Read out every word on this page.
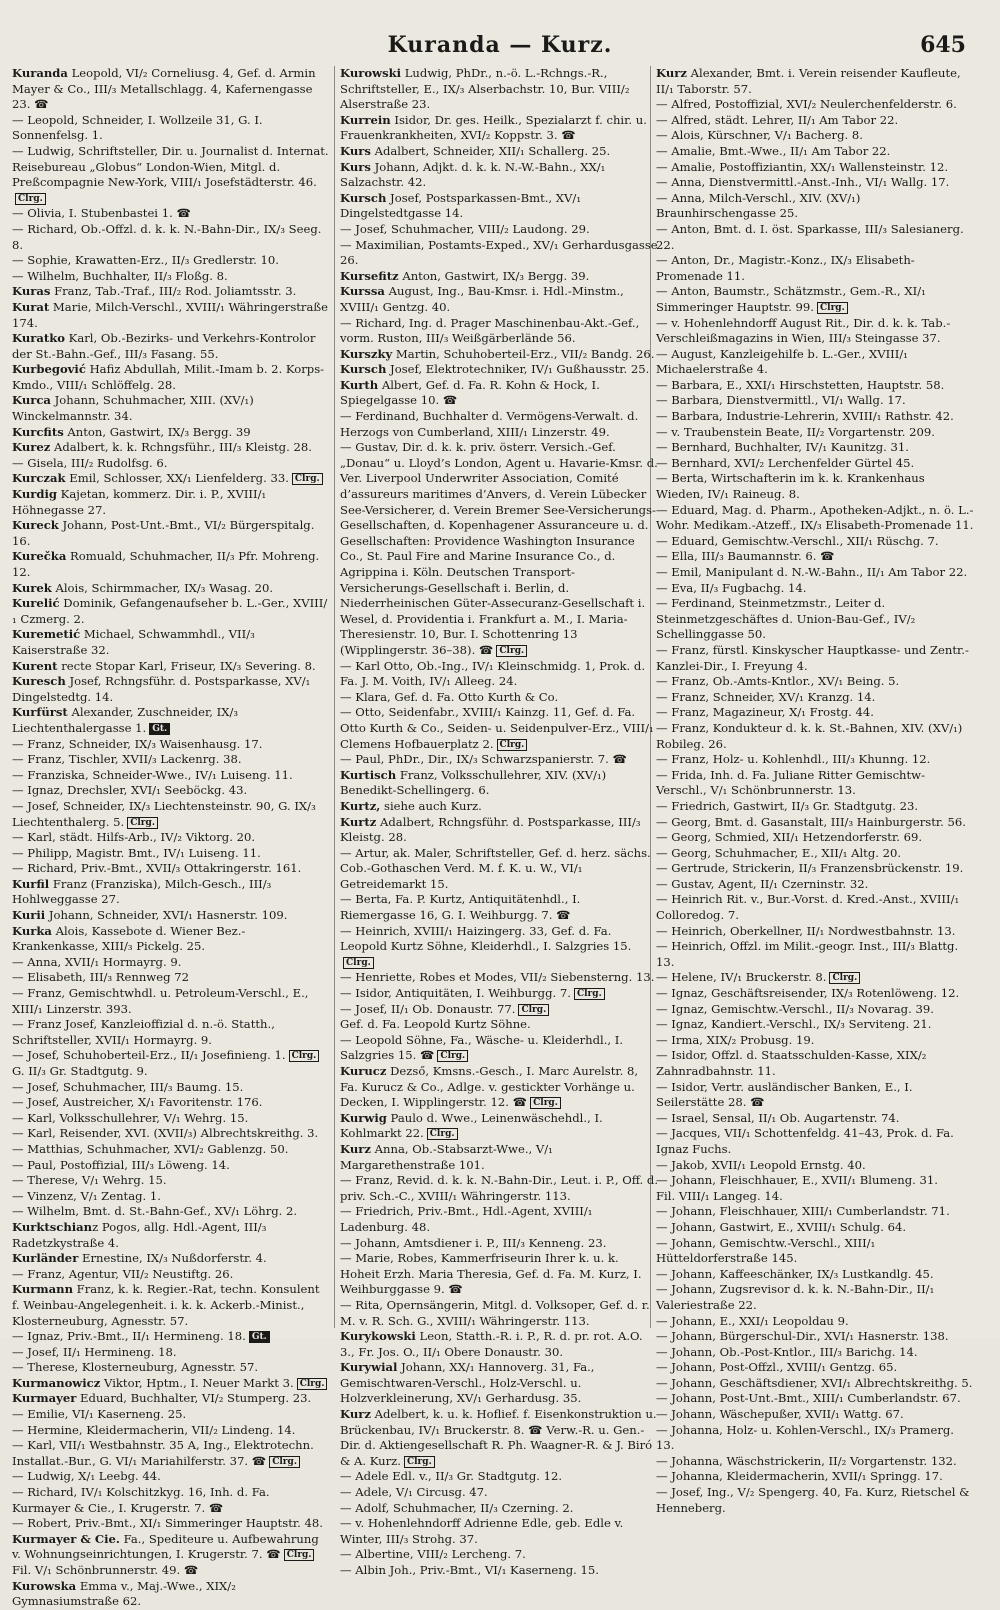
Kuranda — Kurz.	645
Kuranda Leopold, VI/₂ Corneliusg. 4, Gef. d. Armin Mayer & Co., III/₃ Metallschlagg. 4, Kafernengasse 23. ☎
— Leopold, Schneider, I. Wollzeile 31, G. I. Sonnenfelsg. 1.
— Ludwig, Schriftsteller, Dir. u. Journalist d. Internat. Reisebureau „Globus“ London-Wien, Mitgl. d. Preßcompagnie New-York, VIII/₁ Josefstädterstr. 46.Clrg.
— Olivia, I. Stubenbastei 1. ☎
— Richard, Ob.-Offzl. d. k. k. N.-Bahn-Dir., IX/₃ Seeg. 8.
— Sophie, Krawatten-Erz., II/₃ Gredlerstr. 10.
— Wilhelm, Buchhalter, II/₃ Floßg. 8.
Kuras Franz, Tab.-Traf., III/₂ Rod. Joliamtsstr. 3.
Kurat Marie, Milch-Verschl., XVIII/₁ Währingerstraße 174.
Kuratko Karl, Ob.-Bezirks- und Verkehrs-Kontrolor der St.-Bahn.-Gef., III/₃ Fasang. 55.
Kurbegović Hafiz Abdullah, Milit.-Imam b. 2. Korps-Kmdo., VIII/₁ Schlöffelg. 28.
Kurca Johann, Schuhmacher, XIII. (XV/₁) Winckelmannstr. 34.
Kurcfits Anton, Gastwirt, IX/₃ Bergg. 39
Kurez Adalbert, k. k. Rchngsführ., III/₃ Kleistg. 28.
— Gisela, III/₂ Rudolfsg. 6.
Kurczak Emil, Schlosser, XX/₁ Lienfelderg. 33. Clrg.
Kurdig Kajetan, kommerz. Dir. i. P., XVIII/₁ Höhnegasse 27.
Kureck Johann, Post-Unt.-Bmt., VI/₂ Bürgerspitalg. 16.
Kurečka Romuald, Schuhmacher, II/₃ Pfr. Mohreng. 12.
Kurek Alois, Schirmmacher, IX/₃ Wasag. 20.
Kurelić Dominik, Gefangenaufseher b. L.-Ger., XVIII/₁ Czmerg. 2.
Kuremetić Michael, Schwammhdl., VII/₃ Kaiserstraße 32.
Kurent recte Stopar Karl, Friseur, IX/₃ Severing. 8.
Kuresch Josef, Rchngsführ. d. Postsparkasse, XV/₁ Dingelstedtg. 14.
Kurfürst Alexander, Zuschneider, IX/₃ Liechtenthalergasse 1. Gt.
— Franz, Schneider, IX/₃ Waisenhausg. 17.
— Franz, Tischler, XVII/₃ Lackenrg. 38.
— Franziska, Schneider-Wwe., IV/₁ Luiseng. 11.
— Ignaz, Drechsler, XVI/₁ Seeböckg. 43.
— Josef, Schneider, IX/₃ Liechtensteinstr. 90, G. IX/₃ Liechtenthalerg. 5. Clrg.
— Karl, städt. Hilfs-Arb., IV/₂ Viktorg. 20.
— Philipp, Magistr. Bmt., IV/₁ Luiseng. 11.
— Richard, Priv.-Bmt., XVII/₃ Ottakringerstr. 161.
Kurfil Franz (Franziska), Milch-Gesch., III/₃ Hohlweggasse 27.
Kurii Johann, Schneider, XVI/₁ Hasnerstr. 109.
Kurka Alois, Kassebote d. Wiener Bez.-Krankenkasse, XIII/₃ Pickelg. 25.
— Anna, XVII/₁ Hormayrg. 9.
— Elisabeth, III/₃ Rennweg 72
— Franz, Gemischtwhdl. u. Petroleum-Verschl., E., XIII/₁ Linzerstr. 393.
— Franz Josef, Kanzleioffizial d. n.-ö. Statth., Schriftsteller, XVII/₁ Hormayrg. 9.
— Josef, Schuhoberteil-Erz., II/₁ Josefinieng. 1. Clrg.
G. II/₃ Gr. Stadtgutg. 9.
— Josef, Schuhmacher, III/₃ Baumg. 15.
— Josef, Austreicher, X/₁ Favoritenstr. 176.
— Karl, Volksschullehrer, V/₁ Wehrg. 15.
— Karl, Reisender, XVI. (XVII/₃) Albrechtskreithg. 3.
— Matthias, Schuhmacher, XVI/₂ Gablenzg. 50.
— Paul, Postoffizial, III/₃ Löweng. 14.
— Therese, V/₁ Wehrg. 15.
— Vinzenz, V/₁ Zentag. 1.
— Wilhelm, Bmt. d. St.-Bahn-Gef., XV/₁ Löhrg. 2.
Kurktschianz Pogos, allg. Hdl.-Agent, III/₃ Radetzkystraße 4.
Kurländer Ernestine, IX/₃ Nußdorferstr. 4.
— Franz, Agentur, VII/₂ Neustiftg. 26.
Kurmann Franz, k. k. Regier.-Rat, techn. Konsulent f. Weinbau-Angelegenheit. i. k. k. Ackerb.-Minist., Klosterneuburg, Agnesstr. 57.
— Ignaz, Priv.-Bmt., II/₁ Hermineng. 18. Gt.
— Josef, II/₁ Hermineng. 18.
— Therese, Klosterneuburg, Agnesstr. 57.
Kurmanowicz Viktor, Hptm., I. Neuer Markt 3. Clrg.
Kurmayer Eduard, Buchhalter, VI/₂ Stumperg. 23.
— Emilie, VI/₁ Kaserneng. 25.
— Hermine, Kleidermacherin, VII/₂ Lindeng. 14.
— Karl, VII/₁ Westbahnstr. 35 A, Ing., Elektrotechn. Installat.-Bur., G. VI/₁ Mariahilferstr. 37. ☎ Clrg.
— Ludwig, X/₁ Leebg. 44.
— Richard, IV/₁ Kolschitzkyg. 16, Inh. d. Fa. Kurmayer & Cie., I. Krugerstr. 7. ☎
— Robert, Priv.-Bmt., XI/₁ Simmeringer Hauptstr. 48.
Kurmayer & Cie. Fa., Spediteure u. Aufbewahrung v. Wohnungseinrichtungen, I. Krugerstr. 7. ☎ Clrg.
Fil. V/₁ Schönbrunnerstr. 49. ☎
Kurowska Emma v., Maj.-Wwe., XIX/₂ Gymnasiumstraße 62.
Kurowski Ludwig, PhDr., n.-ö. L.-Rchngs.-R., Schriftsteller, E., IX/₃ Alserbachstr. 10, Bur. VIII/₂ Alserstraße 23.
Kurrein Isidor, Dr. ges. Heilk., Spezialarzt f. chir. u. Frauenkrankheiten, XVI/₂ Koppstr. 3. ☎
Kurs Adalbert, Schneider, XII/₁ Schallerg. 25.
Kurs Johann, Adjkt. d. k. k. N.-W.-Bahn., XX/₁ Salzachstr. 42.
Kursch Josef, Postsparkassen-Bmt., XV/₁ Dingelstedtgasse 14.
— Josef, Schuhmacher, VIII/₂ Laudong. 29.
— Maximilian, Postamts-Exped., XV/₁ Gerhardusgasse 26.
Kursefitz Anton, Gastwirt, IX/₃ Bergg. 39.
Kurssa August, Ing., Bau-Kmsr. i. Hdl.-Minstm., XVIII/₁ Gentzg. 40.
— Richard, Ing. d. Prager Maschinenbau-Akt.-Gef., vorm. Ruston, III/₃ Weißgärberlände 56.
Kurszky Martin, Schuhoberteil-Erz., VII/₂ Bandg. 26.
Kursch Josef, Elektrotechniker, IV/₁ Gußhausstr. 25.
Kurth Albert, Gef. d. Fa. R. Kohn & Hock, I. Spiegelgasse 10. ☎
— Ferdinand, Buchhalter d. Vermögens-Verwalt. d. Herzogs von Cumberland, XIII/₁ Linzerstr. 49.
— Gustav, Dir. d. k. k. priv. österr. Versich.-Gef. „Donau“ u. Lloyd’s London, Agent u. Havarie-Kmsr. d. Ver. Liverpool Underwriter Association, Comité d’assureurs maritimes d’Anvers, d. Verein Lübecker See-Versicherer, d. Verein Bremer See-Versicherungs-Gesellschaften, d. Kopenhagener Assuranceure u. d. Gesellschaften: Providence Washington Insurance Co., St. Paul Fire and Marine Insurance Co., d. Agrippina i. Köln. Deutschen Transport-Versicherungs-Gesellschaft i. Berlin, d. Niederrheinischen Güter-Assecuranz-Gesellschaft i. Wesel, d. Providentia i. Frankfurt a. M., I. Maria-Theresienstr. 10, Bur. I. Schottenring 13 (Wipplingerstr. 36–38). ☎ Clrg.
— Karl Otto, Ob.-Ing., IV/₁ Kleinschmidg. 1, Prok. d. Fa. J. M. Voith, IV/₁ Alleeg. 24.
— Klara, Gef. d. Fa. Otto Kurth & Co.
— Otto, Seidenfabr., XVIII/₁ Kainzg. 11, Gef. d. Fa. Otto Kurth & Co., Seiden- u. Seidenpulver-Erz., VIII/₁ Clemens Hofbauerplatz 2. Clrg.
— Paul, PhDr., Dir., IX/₃ Schwarzspanierstr. 7. ☎
Kurtisch Franz, Volksschullehrer, XIV. (XV/₁) Benedikt-Schellingerg. 6.
Kurtz, siehe auch Kurz.
Kurtz Adalbert, Rchngsführ. d. Postsparkasse, III/₃ Kleistg. 28.
— Artur, ak. Maler, Schriftsteller, Gef. d. herz. sächs. Cob.-Gothaschen Verd. M. f. K. u. W., VI/₁ Getreidemarkt 15.
— Berta, Fa. P. Kurtz, Antiquitätenhdl., I. Riemergasse 16, G. I. Weihburgg. 7. ☎
— Heinrich, XVIII/₁ Haizingerg. 33, Gef. d. Fa. Leopold Kurtz Söhne, Kleiderhdl., I. Salzgries 15.Clrg.
— Henriette, Robes et Modes, VII/₂ Siebensterng. 13.
— Isidor, Antiquitäten, I. Weihburgg. 7. Clrg.
— Josef, II/₁ Ob. Donaustr. 77. Clrg.
Gef. d. Fa. Leopold Kurtz Söhne.
— Leopold Söhne, Fa., Wäsche- u. Kleiderhdl., I. Salzgries 15. ☎ Clrg.
Kurucz Dezső, Kmsns.-Gesch., I. Marc Aurelstr. 8, Fa. Kurucz & Co., Adlge. v. gestickter Vorhänge u. Decken, I. Wipplingerstr. 12. ☎ Clrg.
Kurwig Paulo d. Wwe., Leinenwäschehdl., I. Kohlmarkt 22. Clrg.
Kurz Anna, Ob.-Stabsarzt-Wwe., V/₁ Margarethenstraße 101.
— Franz, Revid. d. k. k. N.-Bahn-Dir., Leut. i. P., Off. d. priv. Sch.-C., XVIII/₁ Währingerstr. 113.
— Friedrich, Priv.-Bmt., Hdl.-Agent, XVIII/₁ Ladenburg. 48.
— Johann, Amtsdiener i. P., III/₃ Kenneng. 23.
— Marie, Robes, Kammerfriseurin Ihrer k. u. k. Hoheit Erzh. Maria Theresia, Gef. d. Fa. M. Kurz, I. Weihburggasse 9. ☎
— Rita, Opernsängerin, Mitgl. d. Volksoper, Gef. d. r. M. v. R. Sch. G., XVIII/₁ Währingerstr. 113.
Kurykowski Leon, Statth.-R. i. P., R. d. pr. rot. A.O. 3., Fr. Jos. O., II/₁ Obere Donaustr. 30.
Kurywial Johann, XX/₁ Hannoverg. 31, Fa., Gemischtwaren-Verschl., Holz-Verschl. u. Holzverkleinerung, XV/₁ Gerhardusg. 35.
Kurz Adelbert, k. u. k. Hoflief. f. Eisenkonstruktion u. Brückenbau, IV/₁ Bruckerstr. 8. ☎ Verw.-R. u. Gen.-Dir. d. Aktiengesellschaft R. Ph. Waagner-R. & J. Biró & A. Kurz. Clrg.
— Adele Edl. v., II/₃ Gr. Stadtgutg. 12.
— Adele, V/₁ Circusg. 47.
— Adolf, Schuhmacher, II/₃ Czerning. 2.
— v. Hohenlehndorff Adrienne Edle, geb. Edle v. Winter, III/₃ Strohg. 37.
— Albertine, VIII/₂ Lercheng. 7.
— Albin Joh., Priv.-Bmt., VI/₁ Kaserneng. 15.
Kurz Alexander, Bmt. i. Verein reisender Kaufleute, II/₁ Taborstr. 57.
— Alfred, Postoffizial, XVI/₂ Neulerchenfelderstr. 6.
— Alfred, städt. Lehrer, II/₁ Am Tabor 22.
— Alois, Kürschner, V/₁ Bacherg. 8.
— Amalie, Bmt.-Wwe., II/₁ Am Tabor 22.
— Amalie, Postoffiziantin, XX/₁ Wallensteinstr. 12.
— Anna, Dienstvermittl.-Anst.-Inh., VI/₁ Wallg. 17.
— Anna, Milch-Verschl., XIV. (XV/₁) Braunhirschengasse 25.
— Anton, Bmt. d. I. öst. Sparkasse, III/₃ Salesianerg. 22.
— Anton, Dr., Magistr.-Konz., IX/₃ Elisabeth-Promenade 11.
— Anton, Baumstr., Schätzmstr., Gem.-R., XI/₁ Simmeringer Hauptstr. 99. Clrg.
— v. Hohenlehndorff August Rit., Dir. d. k. k. Tab.-Verschleißmagazins in Wien, III/₃ Steingasse 37.
— August, Kanzleigehilfe b. L.-Ger., XVIII/₁ Michaelerstraße 4.
— Barbara, E., XXI/₁ Hirschstetten, Hauptstr. 58.
— Barbara, Dienstvermittl., VI/₁ Wallg. 17.
— Barbara, Industrie-Lehrerin, XVIII/₁ Rathstr. 42.
— v. Traubenstein Beate, II/₂ Vorgartenstr. 209.
— Bernhard, Buchhalter, IV/₁ Kaunitzg. 31.
— Bernhard, XVI/₂ Lerchenfelder Gürtel 45.
— Berta, Wirtschafterin im k. k. Krankenhaus Wieden, IV/₁ Raineug. 8.
— Eduard, Mag. d. Pharm., Apotheken-Adjkt., n. ö. L.-Wohr. Medikam.-Atzeff., IX/₃ Elisabeth-Promenade 11.
— Eduard, Gemischtw.-Verschl., XII/₁ Rüschg. 7.
— Ella, III/₃ Baumannstr. 6. ☎
— Emil, Manipulant d. N.-W.-Bahn., II/₁ Am Tabor 22.
— Eva, II/₃ Fugbachg. 14.
— Ferdinand, Steinmetzmstr., Leiter d. Steinmetzgeschäftes d. Union-Bau-Gef., IV/₂ Schellinggasse 50.
— Franz, fürstl. Kinskyscher Hauptkasse- und Zentr.-Kanzlei-Dir., I. Freyung 4.
— Franz, Ob.-Amts-Kntlor., XV/₁ Being. 5.
— Franz, Schneider, XV/₁ Kranzg. 14.
— Franz, Magazineur, X/₁ Frostg. 44.
— Franz, Kondukteur d. k. k. St.-Bahnen, XIV. (XV/₁) Robileg. 26.
— Franz, Holz- u. Kohlenhdl., III/₃ Khunng. 12.
— Frida, Inh. d. Fa. Juliane Ritter Gemischtw-Verschl., V/₁ Schönbrunnerstr. 13.
— Friedrich, Gastwirt, II/₃ Gr. Stadtgutg. 23.
— Georg, Bmt. d. Gasanstalt, III/₃ Hainburgerstr. 56.
— Georg, Schmied, XII/₁ Hetzendorferstr. 69.
— Georg, Schuhmacher, E., XII/₁ Altg. 20.
— Gertrude, Strickerin, II/₃ Franzensbrückenstr. 19.
— Gustav, Agent, II/₁ Czerninstr. 32.
— Heinrich Rit. v., Bur.-Vorst. d. Kred.-Anst., XVIII/₁ Colloredog. 7.
— Heinrich, Oberkellner, II/₁ Nordwestbahnstr. 13.
— Heinrich, Offzl. im Milit.-geogr. Inst., III/₃ Blattg. 13.
— Helene, IV/₁ Bruckerstr. 8. Clrg.
— Ignaz, Geschäftsreisender, IX/₃ Rotenlöweng. 12.
— Ignaz, Gemischtw.-Verschl., II/₃ Novarag. 39.
— Ignaz, Kandiert.-Verschl., IX/₃ Serviteng. 21.
— Irma, XIX/₂ Probusg. 19.
— Isidor, Offzl. d. Staatsschulden-Kasse, XIX/₂ Zahnradbahnstr. 11.
— Isidor, Vertr. ausländischer Banken, E., I. Seilerstätte 28. ☎
— Israel, Sensal, II/₁ Ob. Augartenstr. 74.
— Jacques, VII/₁ Schottenfeldg. 41–43, Prok. d. Fa. Ignaz Fuchs.
— Jakob, XVII/₁ Leopold Ernstg. 40.
— Johann, Fleischhauer, E., XVII/₁ Blumeng. 31.
Fil. VIII/₁ Langeg. 14.
— Johann, Fleischhauer, XIII/₁ Cumberlandstr. 71.
— Johann, Gastwirt, E., XVIII/₁ Schulg. 64.
— Johann, Gemischtw.-Verschl., XIII/₁ Hütteldorferstraße 145.
— Johann, Kaffeeschänker, IX/₃ Lustkandlg. 45.
— Johann, Zugsrevisor d. k. k. N.-Bahn-Dir., II/₁ Valeriestraße 22.
— Johann, E., XXI/₁ Leopoldau 9.
— Johann, Bürgerschul-Dir., XVI/₁ Hasnerstr. 138.
— Johann, Ob.-Post-Kntlor., III/₃ Barichg. 14.
— Johann, Post-Offzl., XVIII/₁ Gentzg. 65.
— Johann, Geschäftsdiener, XVI/₁ Albrechtskreithg. 5.
— Johann, Post-Unt.-Bmt., XIII/₁ Cumberlandstr. 67.
— Johann, Wäschepußer, XVII/₁ Wattg. 67.
— Johanna, Holz- u. Kohlen-Verschl., IX/₃ Pramerg. 13.
— Johanna, Wäschstrickerin, II/₂ Vorgartenstr. 132.
— Johanna, Kleidermacherin, XVII/₁ Springg. 17.
— Josef, Ing., V/₂ Spengerg. 40, Fa. Kurz, Rietschel & Henneberg.
